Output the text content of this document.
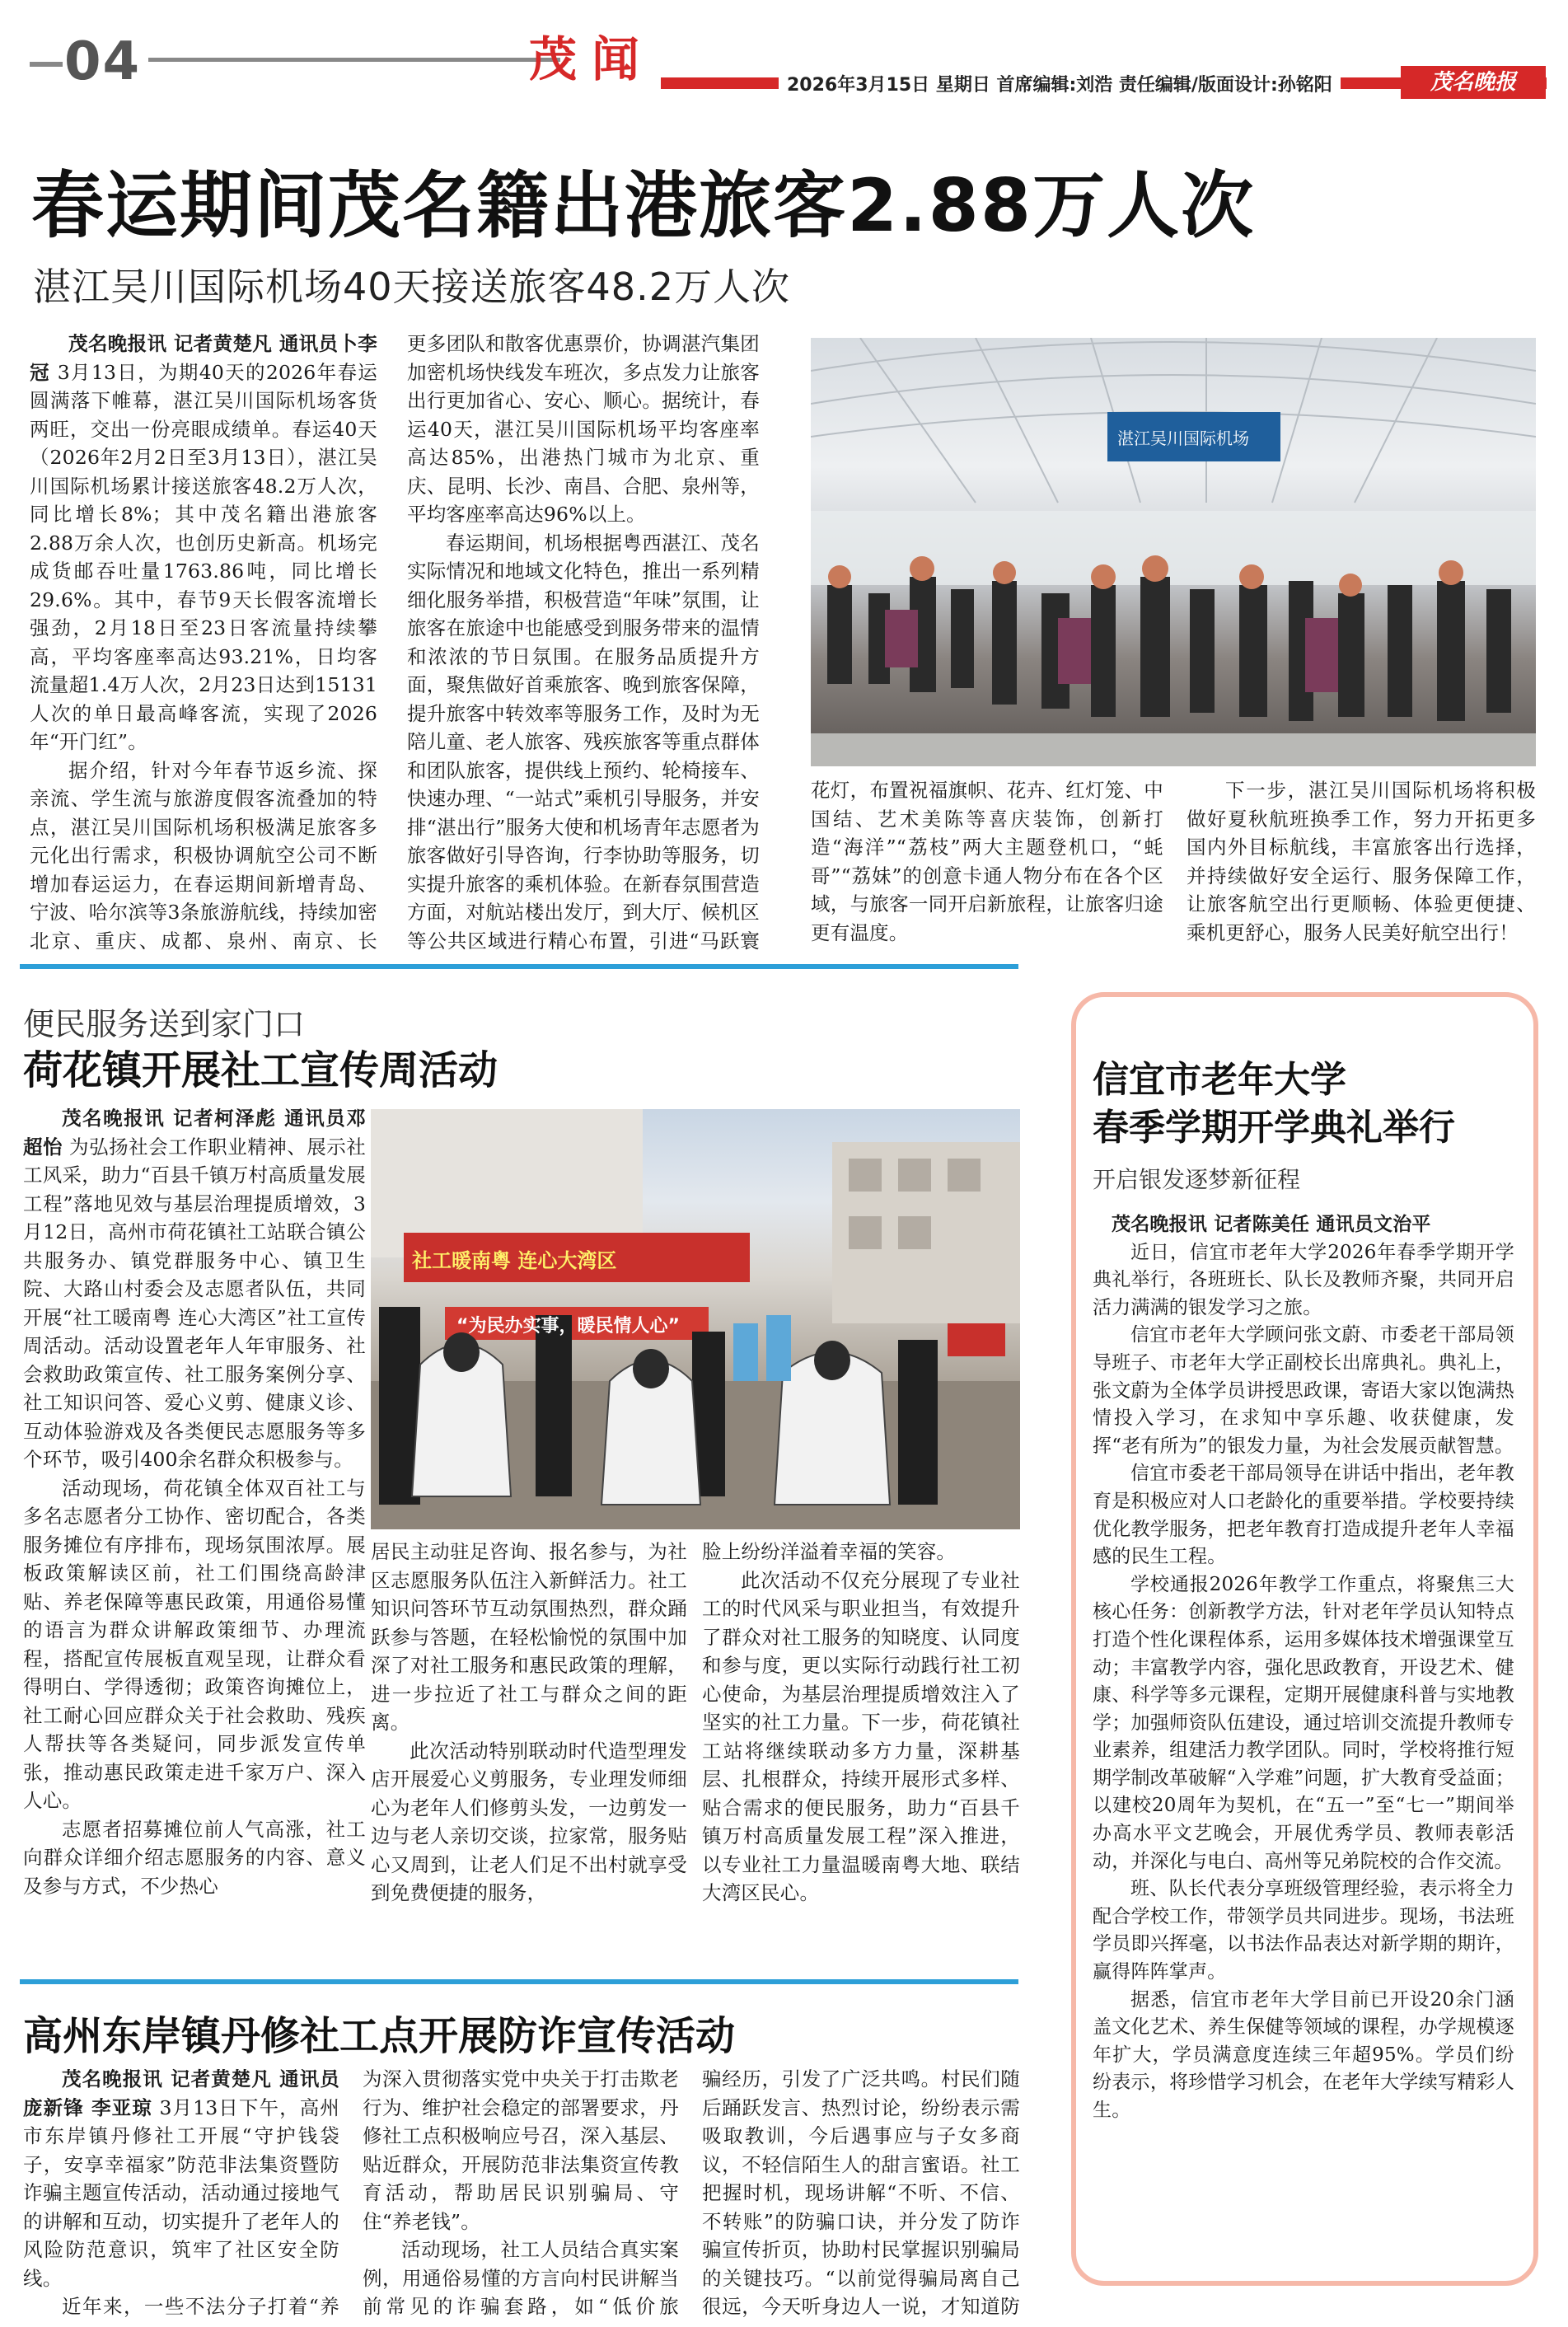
04	茂 闻	2026年3月15日 星期日 首席编辑:刘浩 责任编辑/版面设计:孙铭阳	茂名晚报
春运期间茂名籍出港旅客2.88万人次
湛江吴川国际机场40天接送旅客48.2万人次

茂名晚报讯 记者黄楚凡 通讯员卜李冠 3月13日，为期40天的2026年春运圆满落下帷幕，湛江吴川国际机场客货两旺，交出一份亮眼成绩单。春运40天（2026年2月2日至3月13日），湛江吴川国际机场累计接送旅客48.2万人次，同比增长8%；其中茂名籍出港旅客2.88万余人次，也创历史新高。机场完成货邮吞吐量1763.86吨，同比增长29.6%。其中，春节9天长假客流增长强劲，2月18日至23日客流量持续攀高，平均客座率高达93.21%，日均客流量超1.4万人次，2月23日达到15131人次的单日最高峰客流，实现了2026年“开门红”。

据介绍，针对今年春节返乡流、探亲流、学生流与旅游度假客流叠加的特点，湛江吴川国际机场积极满足旅客多元化出行需求，积极协调航空公司不断增加春运运力，在春运期间新增青岛、宁波、哈尔滨等3条旅游航线，持续加密北京、重庆、成都、泉州、南京、长

更多团队和散客优惠票价，协调湛汽集团加密机场快线发车班次，多点发力让旅客出行更加省心、安心、顺心。据统计，春运40天，湛江吴川国际机场平均客座率高达85%，出港热门城市为北京、重庆、昆明、长沙、南昌、合肥、泉州等，平均客座率高达96%以上。

春运期间，机场根据粤西湛江、茂名实际情况和地域文化特色，推出一系列精细化服务举措，积极营造“年味”氛围，让旅客在旅途中也能感受到服务带来的温情和浓浓的节日氛围。在服务品质提升方面，聚焦做好首乘旅客、晚到旅客保障，提升旅客中转效率等服务工作，及时为无陪儿童、老人旅客、残疾旅客等重点群体和团队旅客，提供线上预约、轮椅接车、快速办理、“一站式”乘机引导服务，并安排“湛出行”服务大使和机场青年志愿者为旅客做好引导咨询，行李协助等服务，切实提升旅客的乘机体验。在新春氛围营造方面，对航站楼出发厅，到大厅、候机区等公共区域进行精心布置，引进“马跃寰

湛江吴川国际机场

花灯，布置祝福旗帜、花卉、红灯笼、中国结、艺术美陈等喜庆装饰，创新打造“海洋”“荔枝”两大主题登机口，“蚝哥”“荔妹”的创意卡通人物分布在各个区域，与旅客一同开启新旅程，让旅客归途更有温度。

下一步，湛江吴川国际机场将积极做好夏秋航班换季工作，努力开拓更多国内外目标航线，丰富旅客出行选择，并持续做好安全运行、服务保障工作，让旅客航空出行更顺畅、体验更便捷、乘机更舒心，服务人民美好航空出行！

便民服务送到家门口
荷花镇开展社工宣传周活动

茂名晚报讯 记者柯泽彪 通讯员邓超怡 为弘扬社会工作职业精神、展示社工风采，助力“百县千镇万村高质量发展工程”落地见效与基层治理提质增效，3月12日，高州市荷花镇社工站联合镇公共服务办、镇党群服务中心、镇卫生院、大路山村委会及志愿者队伍，共同开展“社工暖南粤 连心大湾区”社工宣传周活动。活动设置老年人年审服务、社会救助政策宣传、社工服务案例分享、社工知识问答、爱心义剪、健康义诊、互动体验游戏及各类便民志愿服务等多个环节，吸引400余名群众积极参与。

活动现场，荷花镇全体双百社工与多名志愿者分工协作、密切配合，各类服务摊位有序排布，现场氛围浓厚。展板政策解读区前，社工们围绕高龄津贴、养老保障等惠民政策，用通俗易懂的语言为群众讲解政策细节、办理流程，搭配宣传展板直观呈现，让群众看得明白、学得透彻；政策咨询摊位上，社工耐心回应群众关于社会救助、残疾人帮扶等各类疑问，同步派发宣传单张，推动惠民政策走进千家万户、深入人心。

志愿者招募摊位前人气高涨，社工向群众详细介绍志愿服务的内容、意义及参与方式，不少热心

社工暖南粤 连心大湾区
“为民办实事，暖民情人心”

居民主动驻足咨询、报名参与，为社区志愿服务队伍注入新鲜活力。社工知识问答环节互动氛围热烈，群众踊跃参与答题，在轻松愉悦的氛围中加深了对社工服务和惠民政策的理解，进一步拉近了社工与群众之间的距离。

此次活动特别联动时代造型理发店开展爱心义剪服务，专业理发师细心为老年人们修剪头发，一边剪发一边与老人亲切交谈，拉家常，服务贴心又周到，让老人们足不出村就享受到免费便捷的服务，

脸上纷纷洋溢着幸福的笑容。

此次活动不仅充分展现了专业社工的时代风采与职业担当，有效提升了群众对社工服务的知晓度、认同度和参与度，更以实际行动践行社工初心使命，为基层治理提质增效注入了坚实的社工力量。下一步，荷花镇社工站将继续联动多方力量，深耕基层、扎根群众，持续开展形式多样、贴合需求的便民服务，助力“百县千镇万村高质量发展工程”深入推进，以专业社工力量温暖南粤大地、联结大湾区民心。

高州东岸镇丹修社工点开展防诈宣传活动

茂名晚报讯 记者黄楚凡 通讯员庞新锋 李亚琼 3月13日下午，高州市东岸镇丹修社工开展“守护钱袋子，安享幸福家”防范非法集资暨防诈骗主题宣传活动，活动通过接地气的讲解和互动，切实提升了老年人的风险防范意识，筑牢了社区安全防线。

近年来，一些不法分子打着“养

为深入贯彻落实党中央关于打击欺老行为、维护社会稳定的部署要求，丹修社工点积极响应号召，深入基层、贴近群众，开展防范非法集资宣传教育活动，帮助居民识别骗局、守住“养老钱”。

活动现场，社工人员结合真实案例，用通俗易懂的方言向村民讲解当前常见的诈骗套路，如“低价旅

骗经历，引发了广泛共鸣。村民们随后踊跃发言、热烈讨论，纷纷表示需吸取教训，今后遇事应与子女多商议，不轻信陌生人的甜言蜜语。社工把握时机，现场讲解“不听、不信、不转账”的防骗口诀，并分发了防诈骗宣传折页，协助村民掌握识别骗局的关键技巧。“以前觉得骗局离自己很远，今天听身边人一说，才知道防

信宜市老年大学
春季学期开学典礼举行
开启银发逐梦新征程

茂名晚报讯 记者陈美任 通讯员文治平

近日，信宜市老年大学2026年春季学期开学典礼举行，各班班长、队长及教师齐聚，共同开启活力满满的银发学习之旅。

信宜市老年大学顾问张文蔚、市委老干部局领导班子、市老年大学正副校长出席典礼。典礼上，张文蔚为全体学员讲授思政课，寄语大家以饱满热情投入学习，在求知中享乐趣、收获健康，发挥“老有所为”的银发力量，为社会发展贡献智慧。

信宜市委老干部局领导在讲话中指出，老年教育是积极应对人口老龄化的重要举措。学校要持续优化教学服务，把老年教育打造成提升老年人幸福感的民生工程。

学校通报2026年教学工作重点，将聚焦三大核心任务：创新教学方法，针对老年学员认知特点打造个性化课程体系，运用多媒体技术增强课堂互动；丰富教学内容，强化思政教育，开设艺术、健康、科学等多元课程，定期开展健康科普与实地教学；加强师资队伍建设，通过培训交流提升教师专业素养，组建活力教学团队。同时，学校将推行短期学制改革破解“入学难”问题，扩大教育受益面；以建校20周年为契机，在“五一”至“七一”期间举办高水平文艺晚会，开展优秀学员、教师表彰活动，并深化与电白、高州等兄弟院校的合作交流。

班、队长代表分享班级管理经验，表示将全力配合学校工作，带领学员共同进步。现场，书法班学员即兴挥毫，以书法作品表达对新学期的期许，赢得阵阵掌声。

据悉，信宜市老年大学目前已开设20余门涵盖文化艺术、养生保健等领域的课程，办学规模逐年扩大，学员满意度连续三年超95%。学员们纷纷表示，将珍惜学习机会，在老年大学续写精彩人生。
